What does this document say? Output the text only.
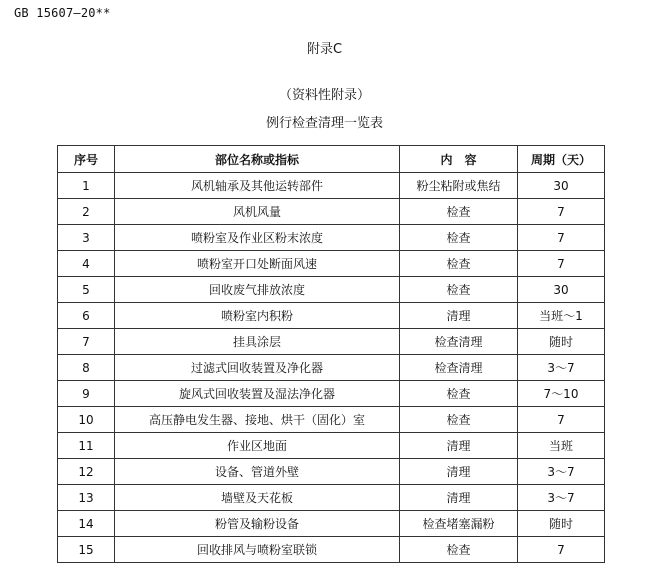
GB 15607—20**
附录C
（资料性附录）
例行检查清理一览表
序号	部位名称或指标	内　容	周期（天）
1	风机轴承及其他运转部件	粉尘粘附或焦结	30
2	风机风量	检查	7
3	喷粉室及作业区粉末浓度	检查	7
4	喷粉室开口处断面风速	检查	7
5	回收废气排放浓度	检查	30
6	喷粉室内积粉	清理	当班～1
7	挂具涂层	检查清理	随时
8	过滤式回收装置及净化器	检查清理	3～7
9	旋风式回收装置及湿法净化器	检查	7～10
10	高压静电发生器、接地、烘干（固化）室	检查	7
11	作业区地面	清理	当班
12	设备、管道外壁	清理	3～7
13	墙壁及天花板	清理	3～7
14	粉管及输粉设备	检查堵塞漏粉	随时
15	回收排风与喷粉室联锁	检查	7
